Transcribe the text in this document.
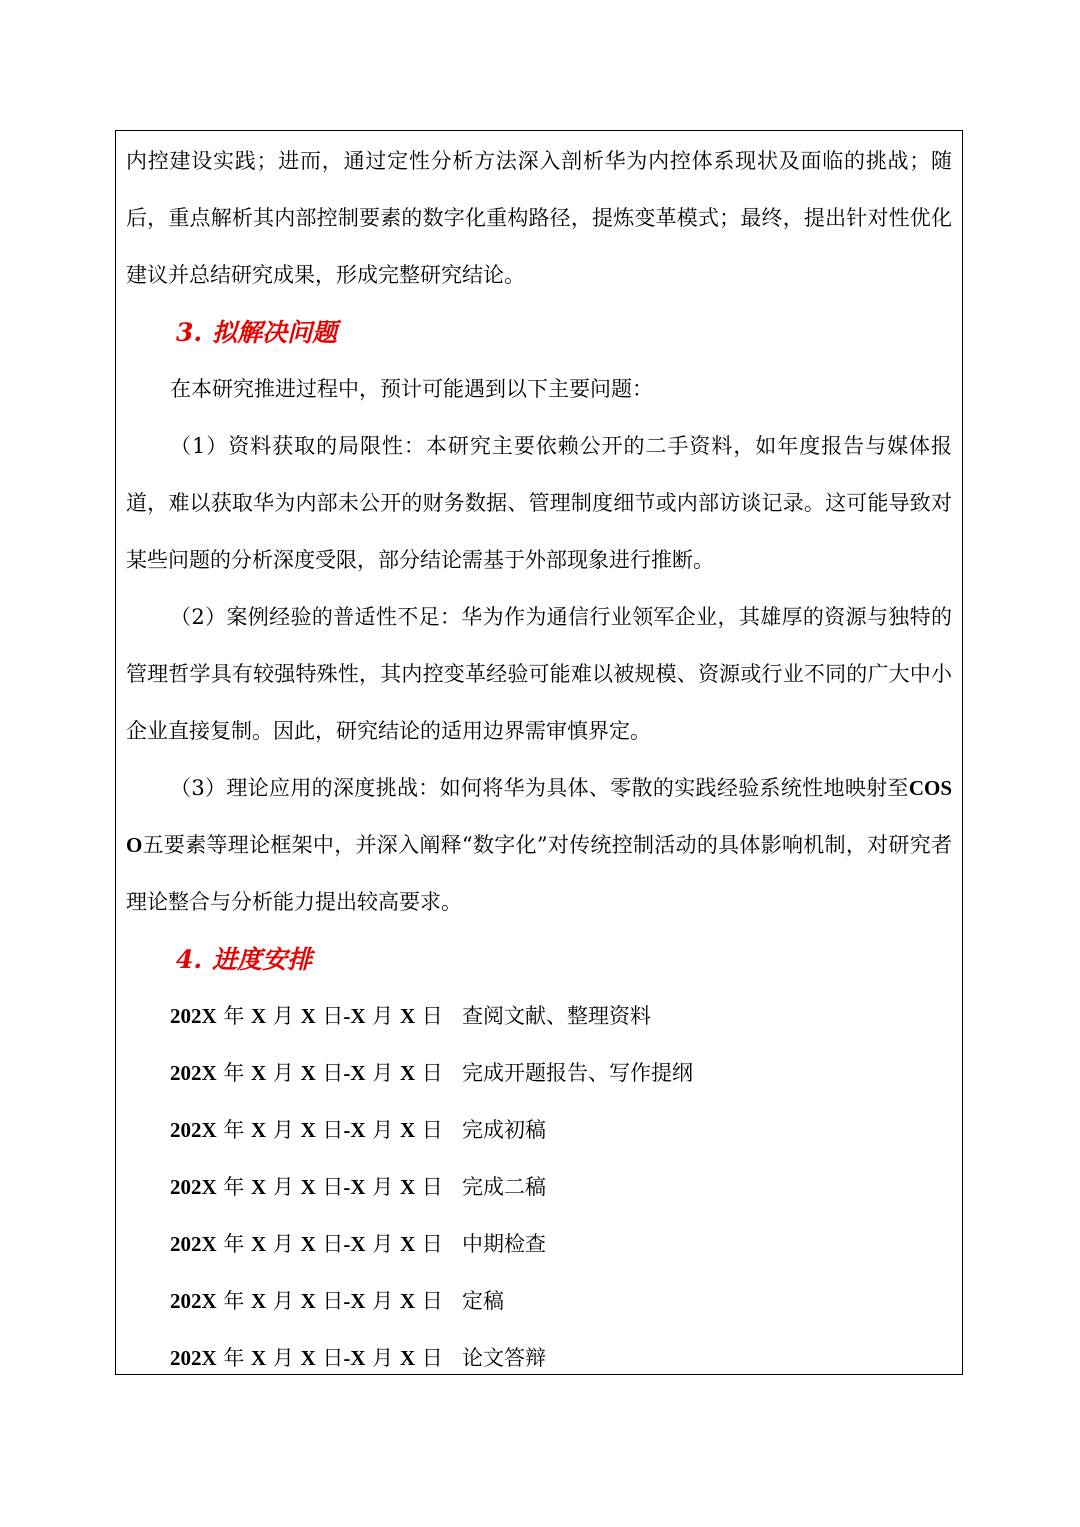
内控建设实践；进而，通过定性分析方法深入剖析华为内控体系现状及面临的挑战；随后，重点解析其内部控制要素的数字化重构路径，提炼变革模式；最终，提出针对性优化建议并总结研究成果，形成完整研究结论。

3. 拟解决问题

在本研究推进过程中，预计可能遇到以下主要问题：

（1）资料获取的局限性：本研究主要依赖公开的二手资料，如年度报告与媒体报道，难以获取华为内部未公开的财务数据、管理制度细节或内部访谈记录。这可能导致对某些问题的分析深度受限，部分结论需基于外部现象进行推断。

（2）案例经验的普适性不足：华为作为通信行业领军企业，其雄厚的资源与独特的管理哲学具有较强特殊性，其内控变革经验可能难以被规模、资源或行业不同的广大中小企业直接复制。因此，研究结论的适用边界需审慎界定。

（3）理论应用的深度挑战：如何将华为具体、零散的实践经验系统性地映射至COSO五要素等理论框架中，并深入阐释“数字化”对传统控制活动的具体影响机制，对研究者理论整合与分析能力提出较高要求。

4. 进度安排
202X 年 X 月 X 日-X 月 X 日 查阅文献、整理资料
202X 年 X 月 X 日-X 月 X 日 完成开题报告、写作提纲
202X 年 X 月 X 日-X 月 X 日 完成初稿
202X 年 X 月 X 日-X 月 X 日 完成二稿
202X 年 X 月 X 日-X 月 X 日 中期检查
202X 年 X 月 X 日-X 月 X 日 定稿
202X 年 X 月 X 日-X 月 X 日 论文答辩
